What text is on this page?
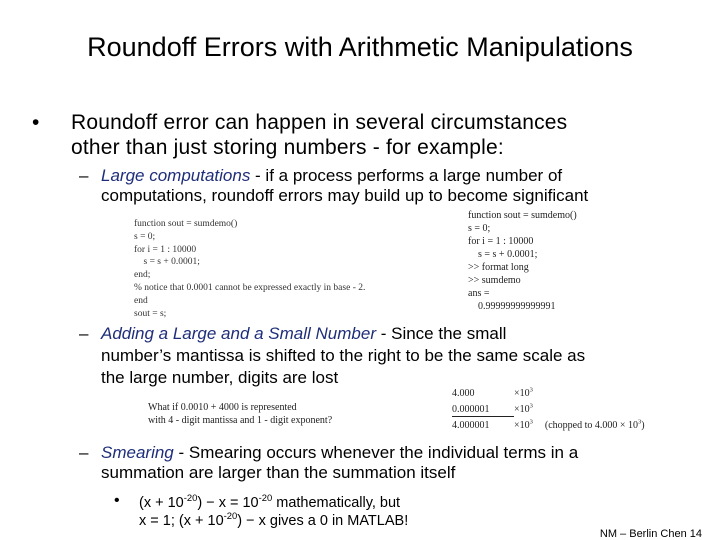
Roundoff Errors with Arithmetic Manipulations
• Roundoff error can happen in several circumstances
other than just storing numbers - for example:
– Large computations - if a process performs a large number of
computations, roundoff errors may build up to become significant
function sout = sumdemo()
s = 0;
for i = 1 : 10000
s = s + 0.0001;
end;
% notice that 0.0001 cannot be expressed exactly in base - 2.
end
sout = s;
function sout = sumdemo()
s = 0;
for i = 1 : 10000
s = s + 0.0001;
>> format long
>> sumdemo
ans =
0.99999999999991
– Adding a Large and a Small Number - Since the small
number’s mantissa is shifted to the right to be the same scale as
the large number, digits are lost
What if 0.0010 + 4000 is represented
with 4 - digit mantissa and 1 - digit exponent?
4.000	$\times 10^3$
$0.000001 \times 10^3$
$4.000001 \times 10^3$ (chopped to $4.000 \times 10^3$)
– Smearing - Smearing occurs whenever the individual terms in a
summation are larger than the summation itself
• $(x + 10^{-20}) - x = 10^{-20}$ mathematically, but
x = 1; $(x + 10^{-20}) - x$ gives a 0 in MATLAB!
NM – Berlin Chen 14
